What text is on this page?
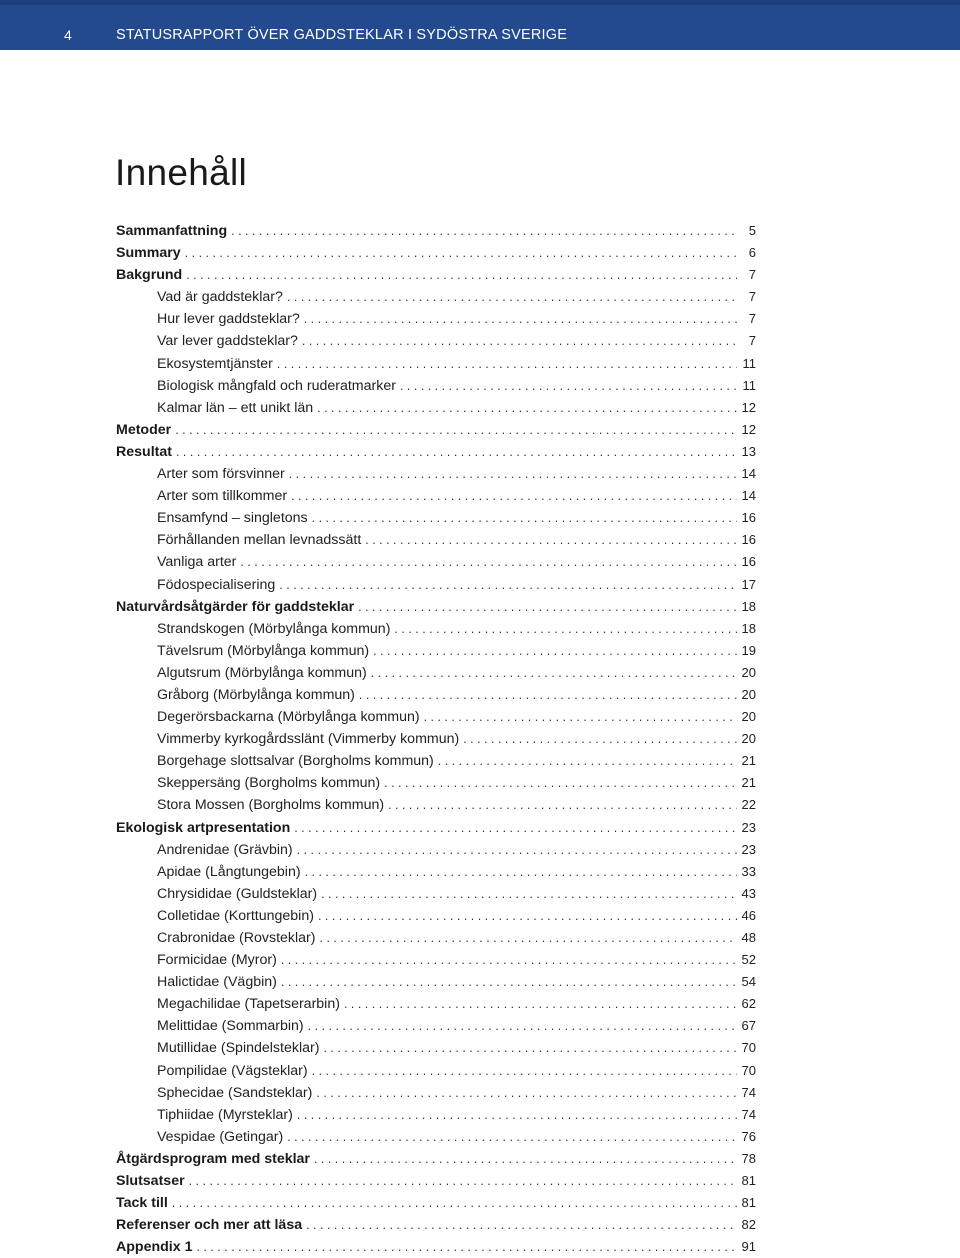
4	STATUSRAPPORT ÖVER GADDSTEKLAR I SYDÖSTRA SVERIGE
Innehåll
Sammanfattning . . .	5
Summary . . .	6
Bakgrund . . .	7
Vad är gaddsteklar? . . .	7
Hur lever gaddsteklar? . . .	7
Var lever gaddsteklar? . . .	7
Ekosystemtjänster . . .	11
Biologisk mångfald och ruderatmarker . . .	11
Kalmar län – ett unikt län . . .	12
Metoder . . .	12
Resultat . . .	13
Arter som försvinner . . .	14
Arter som tillkommer . . .	14
Ensamfynd – singletons . . .	16
Förhållanden mellan levnadssätt . . .	16
Vanliga arter . . .	16
Födospecialisering . . .	17
Naturvårdsåtgärder för gaddsteklar . . .	18
Strandskogen (Mörbylånga kommun) . . .	18
Tävelsrum (Mörbylånga kommun) . . .	19
Algutsrum (Mörbylånga kommun) . . .	20
Gråborg (Mörbylånga kommun) . . .	20
Degerörsbackarna (Mörbylånga kommun) . . .	20
Vimmerby kyrkogårdsslänt (Vimmerby kommun) . . .	20
Borgehage slottsalvar (Borgholms kommun) . . .	21
Skeppersäng (Borgholms kommun) . . .	21
Stora Mossen (Borgholms kommun) . . .	22
Ekologisk artpresentation . . .	23
Andrenidae (Grävbin) . . .	23
Apidae (Långtungebin) . . .	33
Chrysididae (Guldsteklar) . . .	43
Colletidae (Korttungebin) . . .	46
Crabronidae (Rovsteklar) . . .	48
Formicidae (Myror) . . .	52
Halictidae (Vägbin) . . .	54
Megachilidae (Tapetserarbin) . . .	62
Melittidae (Sommarbin) . . .	67
Mutillidae (Spindelsteklar) . . .	70
Pompilidae (Vägsteklar) . . .	70
Sphecidae (Sandsteklar) . . .	74
Tiphiidae (Myrsteklar) . . .	74
Vespidae (Getingar) . . .	76
Åtgärdsprogram med steklar . . .	78
Slutsatser . . .	81
Tack till . . .	81
Referenser och mer att läsa . . .	82
Appendix 1 . . .	91
